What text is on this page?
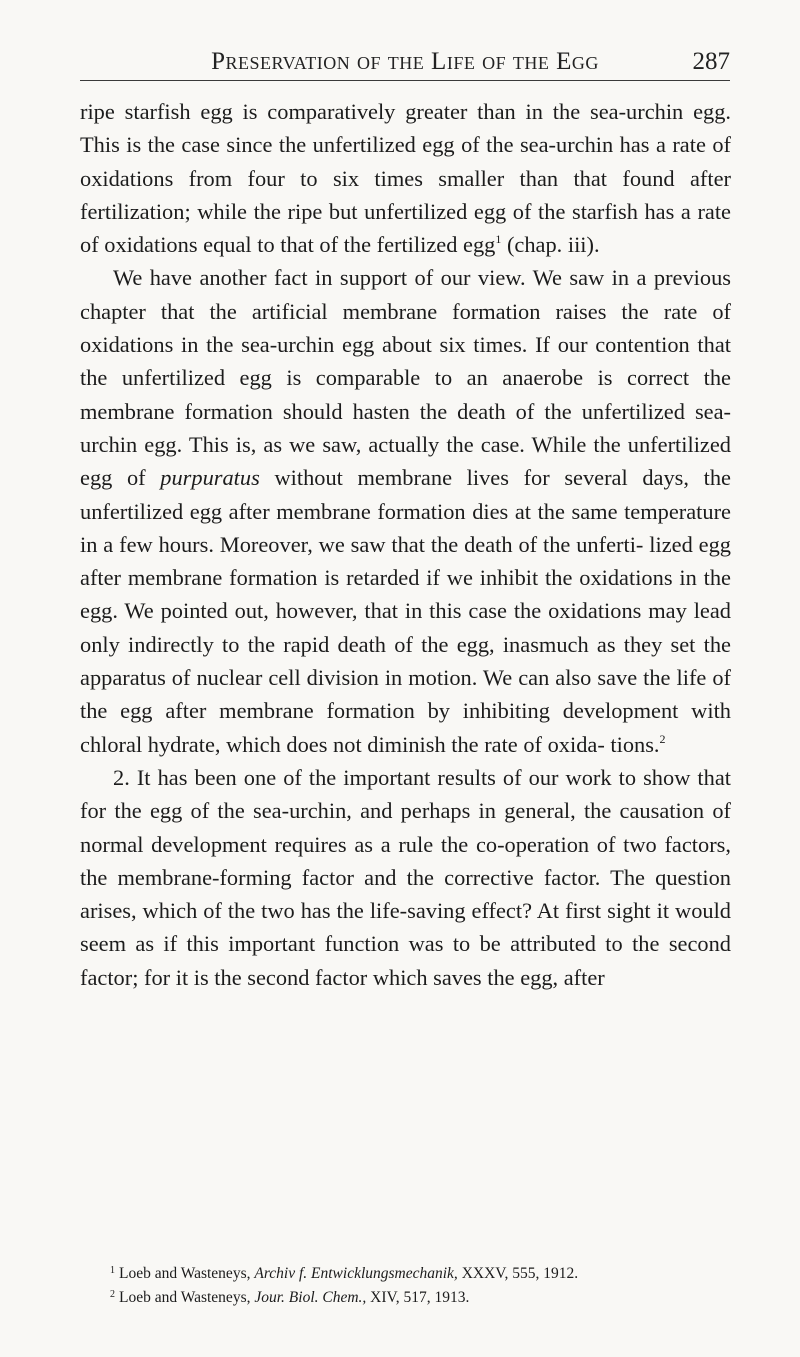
Preservation of the Life of the Egg	287

ripe starfish egg is comparatively greater than in the sea-urchin egg. This is the case since the unfertilized egg of the sea-urchin has a rate of oxidations from four to six times smaller than that found after fertilization; while the ripe but unfertilized egg of the starfish has a rate of oxidations equal to that of the fertilized egg$^1$ (chap. iii).

We have another fact in support of our view. We saw in a previous chapter that the artificial membrane formation raises the rate of oxidations in the sea-urchin egg about six times. If our contention that the unfertilized egg is comparable to an anaerobe is correct the membrane formation should hasten the death of the unfertilized sea-urchin egg. This is, as we saw, actually the case. While the unfertilized egg of purpuratus without membrane lives for several days, the unfertilized egg after membrane formation dies at the same temperature in a few hours. Moreover, we saw that the death of the unferti- lized egg after membrane formation is retarded if we inhibit the oxidations in the egg. We pointed out, however, that in this case the oxidations may lead only indirectly to the rapid death of the egg, inasmuch as they set the apparatus of nuclear cell division in motion. We can also save the life of the egg after membrane formation by inhibiting development with chloral hydrate, which does not diminish the rate of oxida- tions.$^2$

2. It has been one of the important results of our work to show that for the egg of the sea-urchin, and perhaps in general, the causation of normal development requires as a rule the co-operation of two factors, the membrane-forming factor and the corrective factor. The question arises, which of the two has the life-saving effect? At first sight it would seem as if this important function was to be attributed to the second factor; for it is the second factor which saves the egg, after

$^1$ Loeb and Wasteneys, Archiv f. Entwicklungsmechanik, XXXV, 555, 1912.
$^2$ Loeb and Wasteneys, Jour. Biol. Chem., XIV, 517, 1913.
